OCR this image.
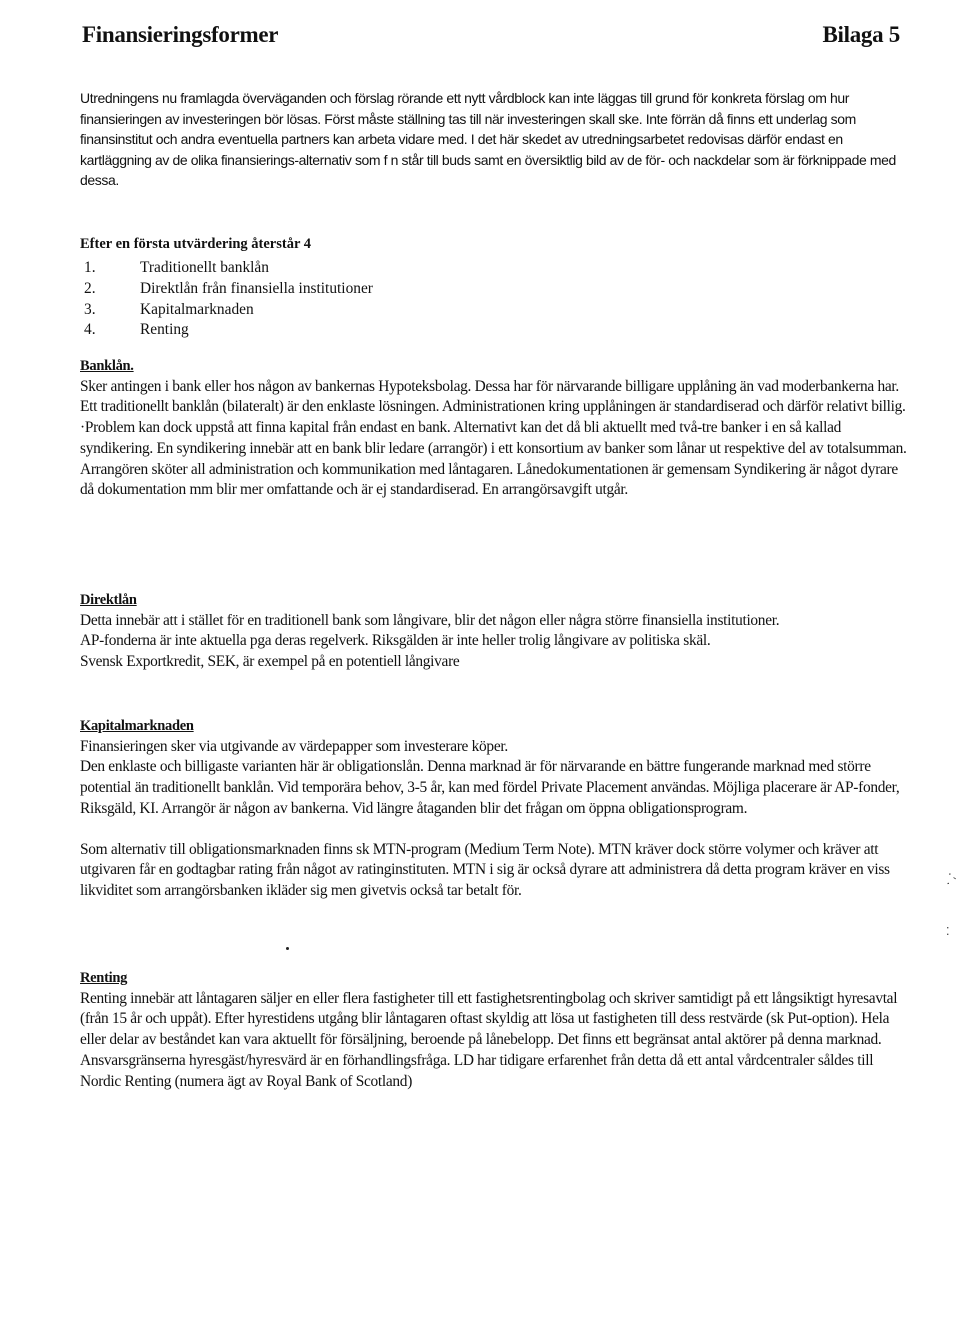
Finansieringsformer	Bilaga 5

Utredningens nu framlagda överväganden och förslag rörande ett nytt vårdblock kan inte läggas till grund för konkreta förslag om hur finansieringen av investeringen bör lösas. Först måste ställning tas till när investeringen skall ske. Inte förrän då finns ett underlag som finansinstitut och andra eventuella partners kan arbeta vidare med. I det här skedet av utredningsarbetet redovisas därför endast en kartläggning av de olika finansierings-alternativ som f n står till buds samt en översiktlig bild av de för- och nackdelar som är förknippade med dessa.

Efter en första utvärdering återstår 4
1.	Traditionellt banklån
2.	Direktlån från finansiella institutioner
3.	Kapitalmarknaden
4.	Renting

Banklån.

Sker antingen i bank eller hos någon av bankernas Hypoteksbolag. Dessa har för närvarande billigare upplåning än vad moderbankerna har.

Ett traditionellt banklån (bilateralt) är den enklaste lösningen. Administrationen kring upplåningen är standardiserad och därför relativt billig.

·Problem kan dock uppstå att finna kapital från endast en bank. Alternativt kan det då bli aktuellt med två-tre banker i en så kallad syndikering. En syndikering innebär att en bank blir ledare (arrangör) i ett konsortium av banker som lånar ut respektive del av totalsumman. Arrangören sköter all administration och kommunikation med låntagaren. Lånedokumentationen är gemensam Syndikering är något dyrare då dokumentation mm blir mer omfattande och är ej standardiserad. En arrangörsavgift utgår.

Direktlån

Detta innebär att i stället för en traditionell bank som långivare, blir det någon eller några större finansiella institutioner.

AP-fonderna är inte aktuella pga deras regelverk. Riksgälden är inte heller trolig långivare av politiska skäl.

Svensk Exportkredit, SEK, är exempel på en potentiell långivare

Kapitalmarknaden

Finansieringen sker via utgivande av värdepapper som investerare köper.

Den enklaste och billigaste varianten här är obligationslån. Denna marknad är för närvarande en bättre fungerande marknad med större potential än traditionellt banklån. Vid temporära behov, 3-5 år, kan med fördel Private Placement användas. Möjliga placerare är AP-fonder, Riksgäld, KI. Arrangör är någon av bankerna. Vid längre åtaganden blir det frågan om öppna obligationsprogram.

Som alternativ till obligationsmarknaden finns sk MTN-program (Medium Term Note). MTN kräver dock större volymer och kräver att utgivaren får en godtagbar rating från något av ratinginstituten. MTN i sig är också dyrare att administrera då detta program kräver en viss likviditet som arrangörsbanken ikläder sig men givetvis också tar betalt för.

Renting

Renting innebär att låntagaren säljer en eller flera fastigheter till ett fastighetsrentingbolag och skriver samtidigt på ett långsiktigt hyresavtal (från 15 år och uppåt). Efter hyrestidens utgång blir låntagaren oftast skyldig att lösa ut fastigheten till dess restvärde (sk Put-option). Hela eller delar av beståndet kan vara aktuellt för försäljning, beroende på lånebelopp. Det finns ett begränsat antal aktörer på denna marknad. Ansvarsgränserna hyresgäst/hyresvärd är en förhandlingsfråga. LD har tidigare erfarenhet från detta då ett antal vårdcentraler såldes till Nordic Renting (numera ägt av Royal Bank of Scotland)

·ˊ.
⁚
